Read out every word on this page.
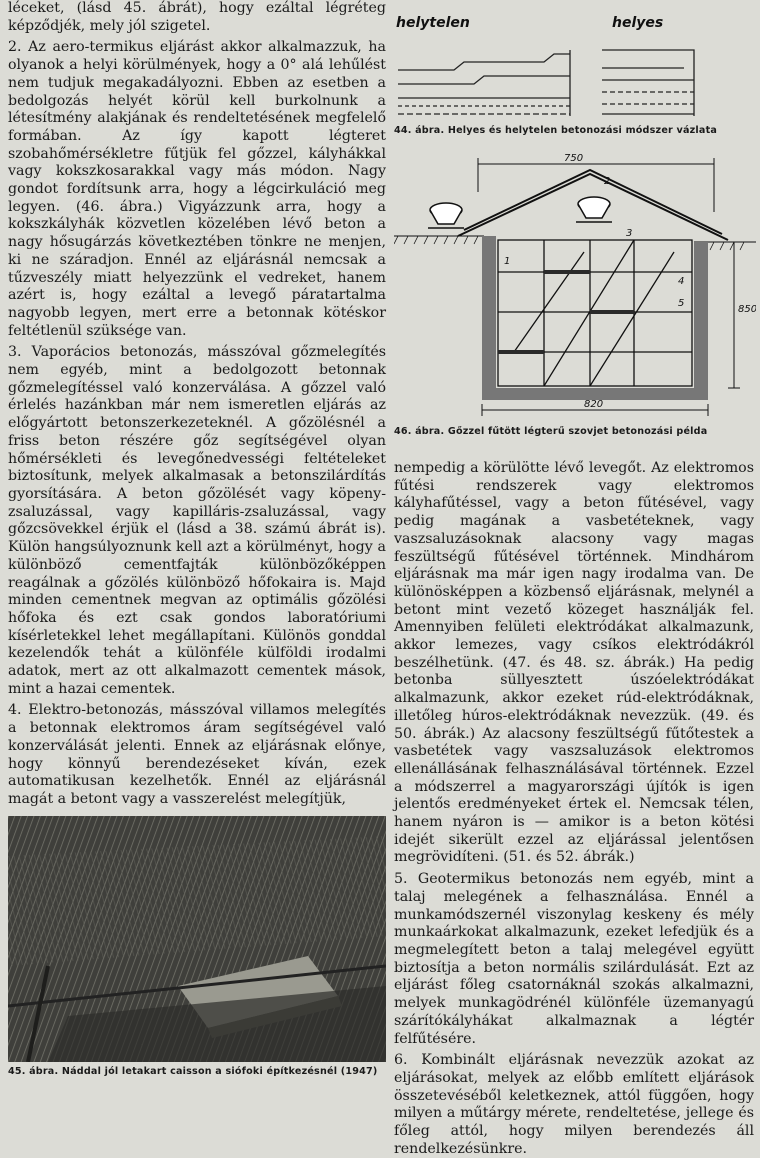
léceket, (lásd 45. ábrát), hogy ezáltal légréteg képződjék, mely jól szigetel.

2. Az aero-termikus eljárást akkor alkalmazzuk, ha olyanok a helyi körülmények, hogy a 0° alá lehűlést nem tudjuk megakadályozni. Ebben az esetben a bedolgozás helyét körül kell burkolnunk a létesítmény alakjának és rendeltetésének megfelelő formában. Az így kapott légteret szobahőmérsékletre fűtjük fel gőzzel, kályhákkal vagy kokszkosarakkal vagy más módon. Nagy gondot fordítsunk arra, hogy a légcirkuláció meg legyen. (46. ábra.) Vigyázzunk arra, hogy a kokszkályhák közvetlen közelében lévő beton a nagy hősugárzás következtében tönkre ne menjen, ki ne száradjon. Ennél az eljárásnál nemcsak a tűzveszély miatt helyezzünk el vedreket, hanem azért is, hogy ezáltal a levegő páratartalma nagyobb legyen, mert erre a betonnak kötéskor feltétlenül szüksége van.

3. Vaporácios betonozás, másszóval gőzmelegítés nem egyéb, mint a bedolgozott betonnak gőzmelegítéssel való konzerválása. A gőzzel való érlelés hazánkban már nem ismeretlen eljárás az előgyártott betonszerkezeteknél. A gőzölésnél a friss beton részére gőz segítségével olyan hőmérsékleti és levegőnedvességi feltételeket biztosítunk, melyek alkalmasak a betonszilárdítás gyorsítására. A beton gőzölését vagy köpeny-zsaluzással, vagy kapilláris-zsaluzással, vagy gőzcsövekkel érjük el (lásd a 38. számú ábrát is). Külön hangsúlyoznunk kell azt a körülményt, hogy a különböző cementfajták különbözőképpen reagálnak a gőzölés különböző hőfokaira is. Majd minden cementnek megvan az optimális gőzölési hőfoka és ezt csak gondos laboratóriumi kísérletekkel lehet megállapítani. Különös gonddal kezelendők tehát a különféle külföldi irodalmi adatok, mert az ott alkalmazott cementek mások, mint a hazai cementek.

4. Elektro-betonozás, másszóval villamos melegítés a betonnak elektromos áram segítségével való konzerválását jelenti. Ennek az eljárásnak előnye, hogy könnyű berendezéseket kíván, ezek automatikusan kezelhetők. Ennél az eljárásnál magát a betont vagy a vasszerelést melegítjük,

helytelen	helyes
44. ábra. Helyes és helytelen betonozási módszer vázlata
750
1
2
3
4
5
850
820
46. ábra. Gőzzel fűtött légterű szovjet betonozási példa

nempedig a körülötte lévő levegőt. Az elektromos fűtési rendszerek vagy elektromos kályhafűtéssel, vagy a beton fűtésével, vagy pedig magának a vasbetéteknek, vagy vaszsaluzásoknak alacsony vagy magas feszültségű fűtésével történnek. Mindhárom eljárásnak ma már igen nagy irodalma van. De különösképpen a közbenső eljárásnak, melynél a betont mint vezető közeget használják fel. Amennyiben felületi elektródákat alkalmazunk, akkor lemezes, vagy csíkos elektródákról beszélhetünk. (47. és 48. sz. ábrák.) Ha pedig betonba süllyesztett úszóelektródákat alkalmazunk, akkor ezeket rúd-elektródáknak, illetőleg húros-elektródáknak nevezzük. (49. és 50. ábrák.) Az alacsony feszültségű fűtőtestek a vasbetétek vagy vaszsaluzások elektromos ellenállásának felhasználásával történnek. Ezzel a módszerrel a magyarországi újítók is igen jelentős eredményeket értek el. Nemcsak télen, hanem nyáron is — amikor is a beton kötési idejét sikerült ezzel az eljárással jelentősen megrövidíteni. (51. és 52. ábrák.)

5. Geotermikus betonozás nem egyéb, mint a talaj melegének a felhasználása. Ennél a munkamódszernél viszonylag keskeny és mély munkaárkokat alkalmazunk, ezeket lefedjük és a megmelegített beton a talaj melegével együtt biztosítja a beton normális szilárdulását. Ezt az eljárást főleg csatornáknál szokás alkalmazni, melyek munkagödrénél különféle üzemanyagú szárítókályhákat alkalmaznak a légtér felfűtésére.

6. Kombinált eljárásnak nevezzük azokat az eljárásokat, melyek az előbb említett eljárások összetevéséből keletkeznek, attól függően, hogy milyen a műtárgy mérete, rendeltetése, jellege és főleg attól, hogy milyen berendezés áll rendelkezésünkre.

45. ábra. Náddal jól letakart caisson a siófoki építkezésnél (1947)
